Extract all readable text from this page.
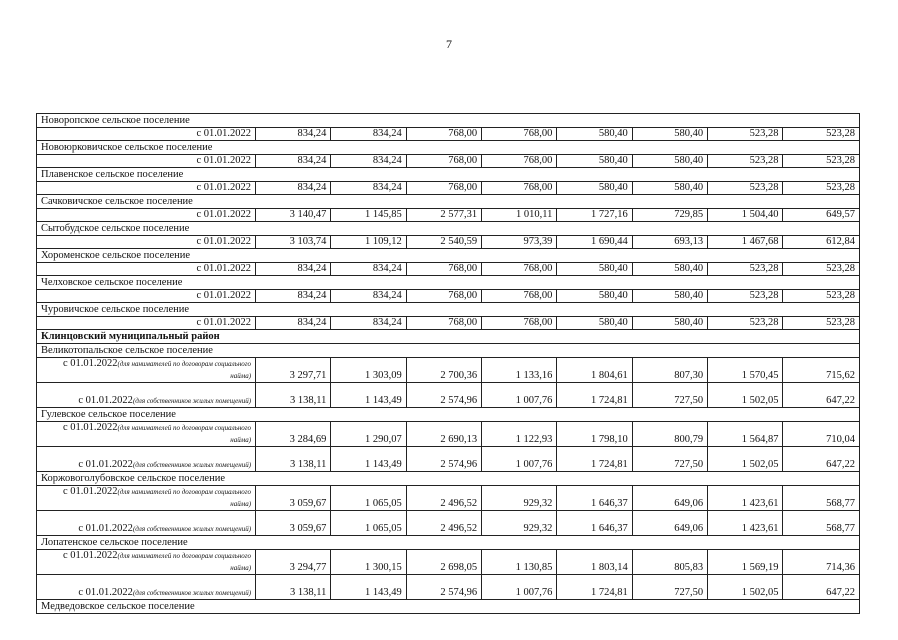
7
Новоропское сельское поселение								
с 01.01.2022	834,24	834,24	768,00	768,00	580,40	580,40	523,28	523,28
Новоюрковичское сельское поселение								
с 01.01.2022	834,24	834,24	768,00	768,00	580,40	580,40	523,28	523,28
Плавенское сельское поселение								
с 01.01.2022	834,24	834,24	768,00	768,00	580,40	580,40	523,28	523,28
Сачковичское сельское поселение								
с 01.01.2022	3 140,47	1 145,85	2 577,31	1 010,11	1 727,16	729,85	1 504,40	649,57
Сытобудское сельское поселение								
с 01.01.2022	3 103,74	1 109,12	2 540,59	973,39	1 690,44	693,13	1 467,68	612,84
Хороменское сельское поселение								
с 01.01.2022	834,24	834,24	768,00	768,00	580,40	580,40	523,28	523,28
Челховское сельское поселение								
с 01.01.2022	834,24	834,24	768,00	768,00	580,40	580,40	523,28	523,28
Чуровичское сельское поселение								
с 01.01.2022	834,24	834,24	768,00	768,00	580,40	580,40	523,28	523,28
Клинцовский муниципальный район								
Великотопальское сельское поселение								
с 01.01.2022(для нанимателей по договорам социального найма)	3 297,71	1 303,09	2 700,36	1 133,16	1 804,61	807,30	1 570,45	715,62
с 01.01.2022(для собственников жилых помещений)	3 138,11	1 143,49	2 574,96	1 007,76	1 724,81	727,50	1 502,05	647,22
Гулевское сельское поселение								
с 01.01.2022(для нанимателей по договорам социального найма)	3 284,69	1 290,07	2 690,13	1 122,93	1 798,10	800,79	1 564,87	710,04
с 01.01.2022(для собственников жилых помещений)	3 138,11	1 143,49	2 574,96	1 007,76	1 724,81	727,50	1 502,05	647,22
Коржовоголубовское сельское поселение								
с 01.01.2022(для нанимателей по договорам социального найма)	3 059,67	1 065,05	2 496,52	929,32	1 646,37	649,06	1 423,61	568,77
с 01.01.2022(для собственников жилых помещений)	3 059,67	1 065,05	2 496,52	929,32	1 646,37	649,06	1 423,61	568,77
Лопатенское сельское поселение								
с 01.01.2022(для нанимателей по договорам социального найма)	3 294,77	1 300,15	2 698,05	1 130,85	1 803,14	805,83	1 569,19	714,36
с 01.01.2022(для собственников жилых помещений)	3 138,11	1 143,49	2 574,96	1 007,76	1 724,81	727,50	1 502,05	647,22
Медведовское сельское поселение								
